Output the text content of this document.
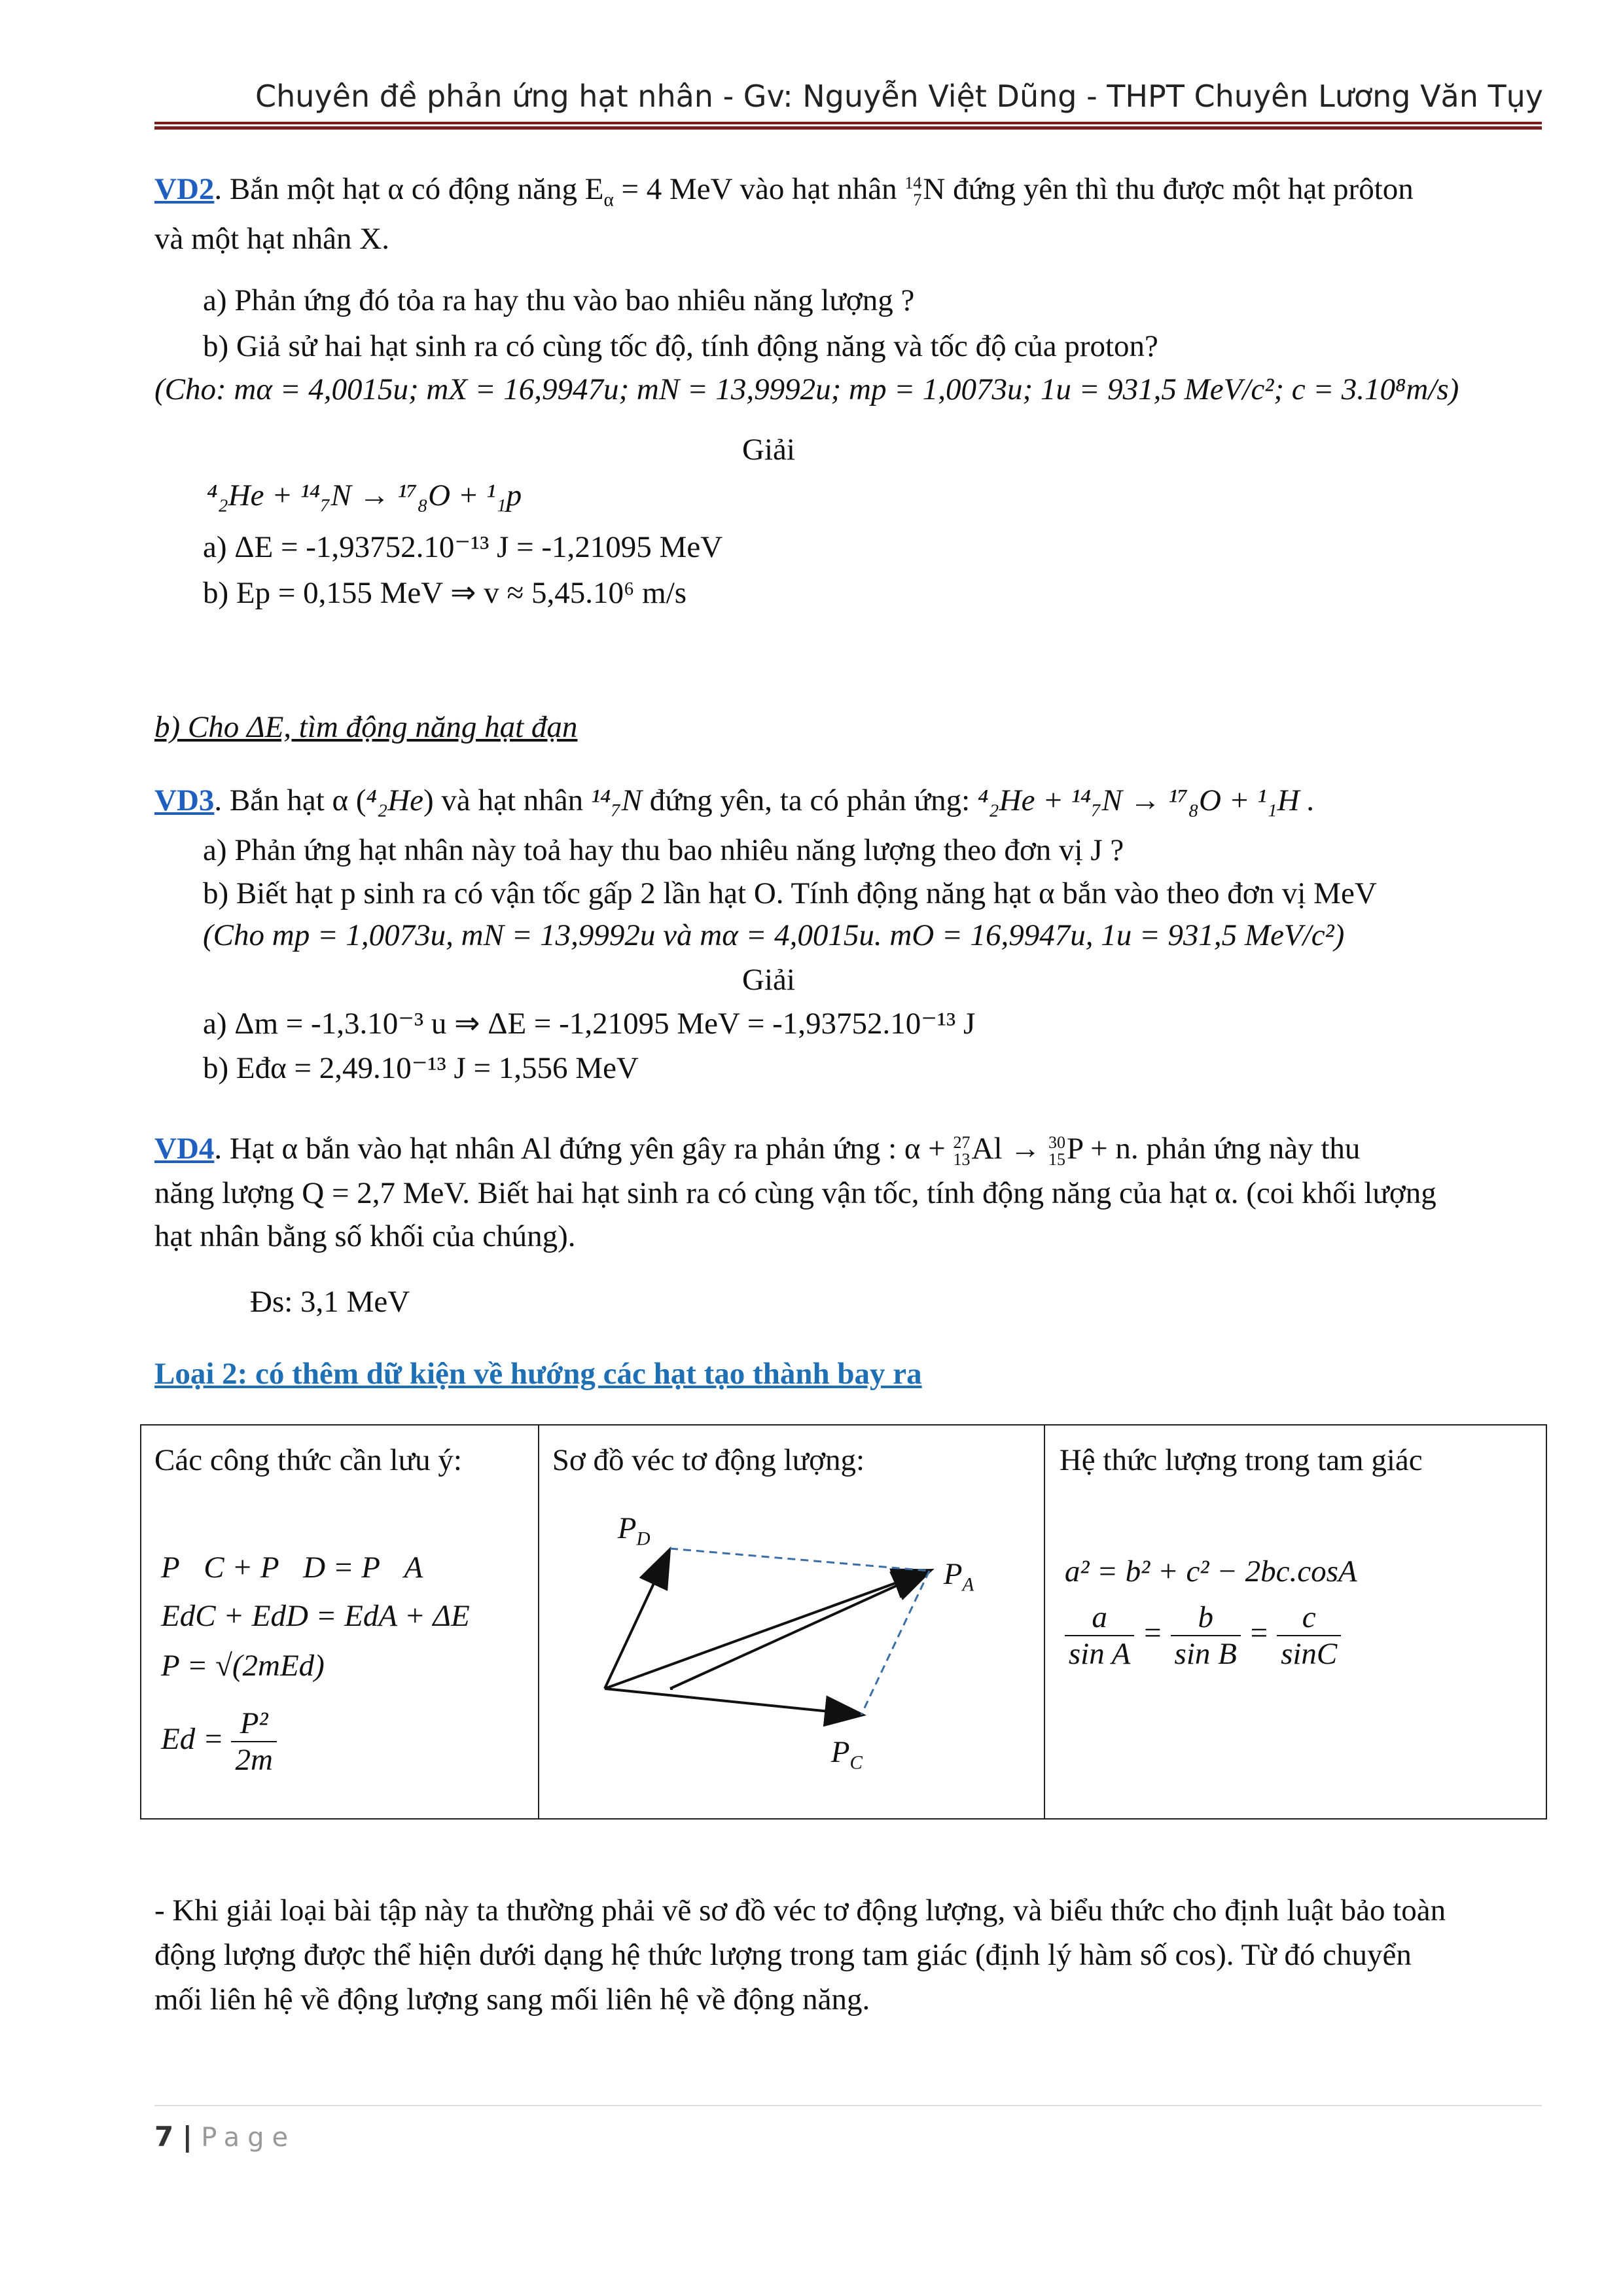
Chuyên đề phản ứng hạt nhân - Gv: Nguyễn Việt Dũng - THPT Chuyên Lương Văn Tụy
VD2. Bắn một hạt α có động năng $E_\alpha = 4$ MeV vào hạt nhân 14
7 N đứng yên thì thu được một hạt prôton
và một hạt nhân X.
a) Phản ứng đó tỏa ra hay thu vào bao nhiêu năng lượng ?
b) Giả sử hai hạt sinh ra có cùng tốc độ, tính động năng và tốc độ của proton?
(Cho: mα = 4,0015u; mX = 16,9947u; mN = 13,9992u; mp = 1,0073u; 1u = 931,5 MeV/c²; c = 3.10⁸m/s)
Giải
⁴₂He + ¹⁴₇N → ¹⁷₈O + ¹₁p
a) ΔE = -1,93752.10⁻¹³ J = -1,21095 MeV
b) Ep = 0,155 MeV ⇒ v ≈ 5,45.10⁶ m/s
b) Cho ΔE, tìm động năng hạt đạn
VD3. Bắn hạt α (⁴₂He) và hạt nhân ¹⁴₇N đứng yên, ta có phản ứng: ⁴₂He + ¹⁴₇N → ¹⁷₈O + ¹₁H .
a) Phản ứng hạt nhân này toả hay thu bao nhiêu năng lượng theo đơn vị J ?
b) Biết hạt p sinh ra có vận tốc gấp 2 lần hạt O. Tính động năng hạt α bắn vào theo đơn vị MeV
(Cho mp = 1,0073u, mN = 13,9992u và mα = 4,0015u. mO = 16,9947u, 1u = 931,5 MeV/c²)
Giải
a) Δm = -1,3.10⁻³ u ⇒ ΔE = -1,21095 MeV = -1,93752.10⁻¹³ J
b) Eđα = 2,49.10⁻¹³ J = 1,556 MeV
VD4. Hạt α bắn vào hạt nhân Al đứng yên gây ra phản ứng : α + 27
13 Al → 30
15 P + n. phản ứng này thu
năng lượng Q = 2,7 MeV. Biết hai hạt sinh ra có cùng vận tốc, tính động năng của hạt α. (coi khối lượng
hạt nhân bằng số khối của chúng).
Đs: 3,1 MeV
Loại 2: có thêm dữ kiện về hướng các hạt tạo thành bay ra
Các công thức cần lưu ý:
P⃗C + P⃗D = P⃗A
EdC + EdD = EdA + ΔE
P = √(2mEd)
$Ed = \frac{\text{P²}}{2m}$

Sơ đồ véc tơ động lượng:
$P_D$
$P_A$
$P_C$

Hệ thức lượng trong tam giác
a² = b² + c² − 2bc.cosA
$\frac{a}{\text{sin A}} = \frac{b}{\text{sin B}} = \frac{c}{\sin C}$
- Khi giải loại bài tập này ta thường phải vẽ sơ đồ véc tơ động lượng, và biểu thức cho định luật bảo toàn
động lượng được thể hiện dưới dạng hệ thức lượng trong tam giác (định lý hàm số cos). Từ đó chuyển
mối liên hệ về động lượng sang mối liên hệ về động năng.
7 | Page
